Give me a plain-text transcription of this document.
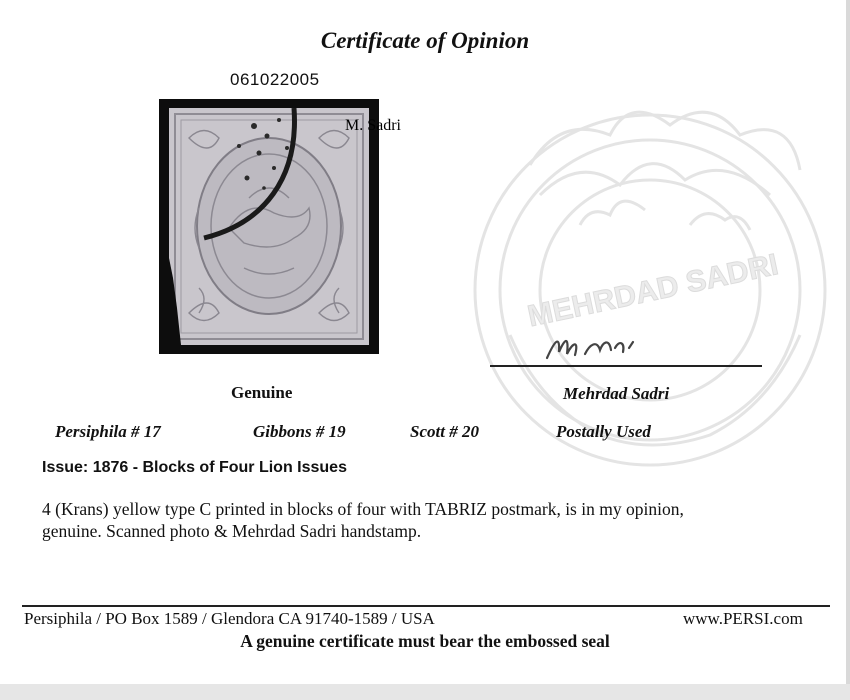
Certificate of Opinion
061022005
MEHRDAD SADRI
M. Sadri
Genuine	Mehrdad Sadri
Persiphila # 17	Gibbons # 19	Scott # 20	Postally Used
Issue: 1876 - Blocks of Four Lion Issues
4 (Krans) yellow type C printed in blocks of four with TABRIZ postmark, is in my opinion, genuine. Scanned photo & Mehrdad Sadri handstamp.
Persiphila / PO Box 1589 / Glendora CA 91740-1589 / USA	www.PERSI.com
A genuine certificate must bear the embossed seal
